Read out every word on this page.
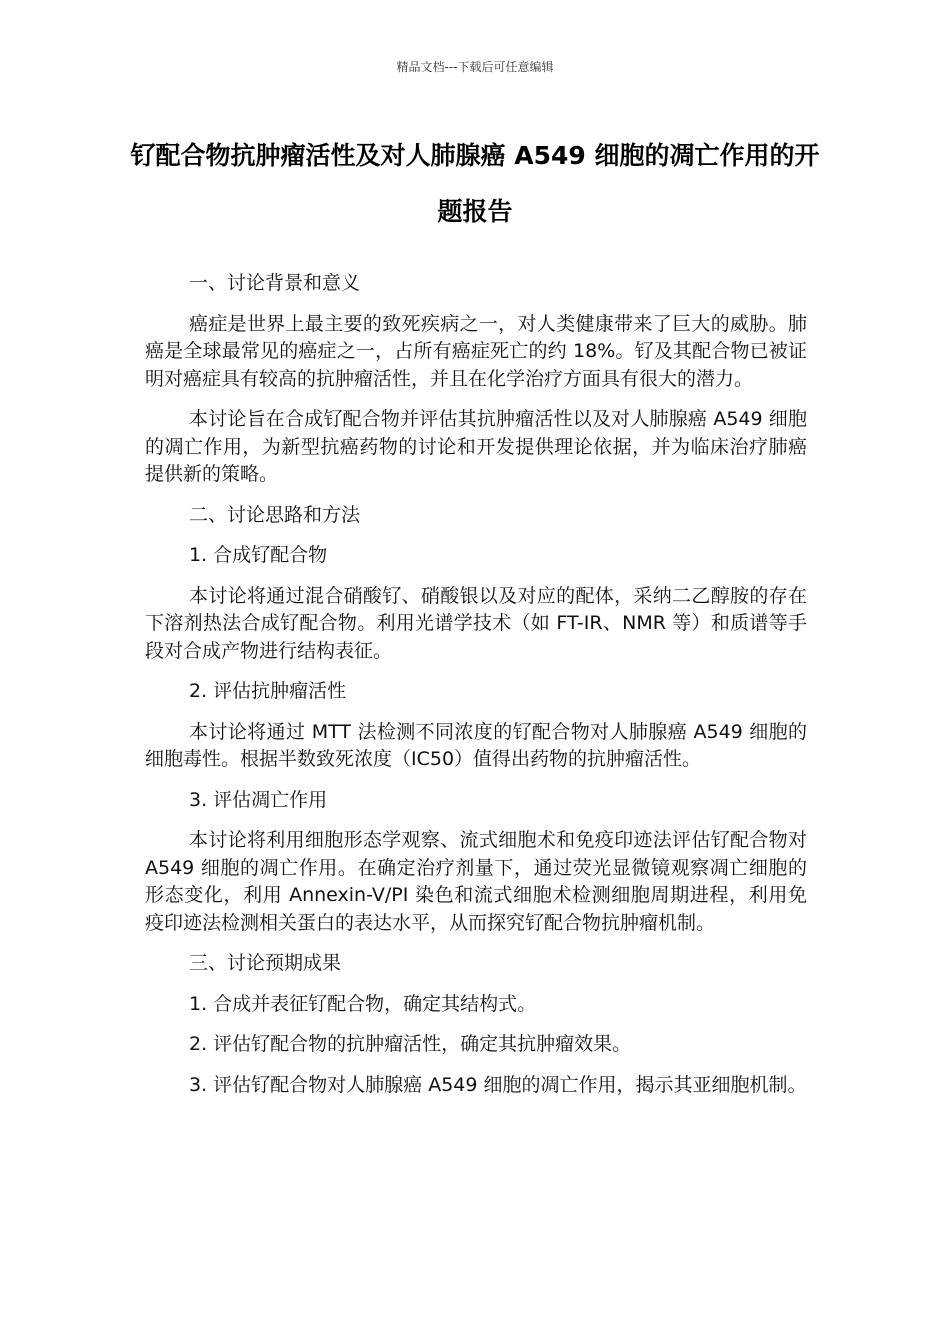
精品文档---下载后可任意编辑
钌配合物抗肿瘤活性及对人肺腺癌 A549 细胞的凋亡作用的开题报告

一、讨论背景和意义

癌症是世界上最主要的致死疾病之一，对人类健康带来了巨大的威胁。肺癌是全球最常见的癌症之一，占所有癌症死亡的约 18%。钌及其配合物已被证明对癌症具有较高的抗肿瘤活性，并且在化学治疗方面具有很大的潜力。

本讨论旨在合成钌配合物并评估其抗肿瘤活性以及对人肺腺癌 A549 细胞的凋亡作用，为新型抗癌药物的讨论和开发提供理论依据，并为临床治疗肺癌提供新的策略。

二、讨论思路和方法

1. 合成钌配合物

本讨论将通过混合硝酸钌、硝酸银以及对应的配体，采纳二乙醇胺的存在下溶剂热法合成钌配合物。利用光谱学技术（如 FT-IR、NMR 等）和质谱等手段对合成产物进行结构表征。

2. 评估抗肿瘤活性

本讨论将通过 MTT 法检测不同浓度的钌配合物对人肺腺癌 A549 细胞的细胞毒性。根据半数致死浓度（IC50）值得出药物的抗肿瘤活性。

3. 评估凋亡作用

本讨论将利用细胞形态学观察、流式细胞术和免疫印迹法评估钌配合物对 A549 细胞的凋亡作用。在确定治疗剂量下，通过荧光显微镜观察凋亡细胞的形态变化，利用 Annexin-V/PI 染色和流式细胞术检测细胞周期进程，利用免疫印迹法检测相关蛋白的表达水平，从而探究钌配合物抗肿瘤机制。

三、讨论预期成果

1. 合成并表征钌配合物，确定其结构式。

2. 评估钌配合物的抗肿瘤活性，确定其抗肿瘤效果。

3. 评估钌配合物对人肺腺癌 A549 细胞的凋亡作用，揭示其亚细胞机制。
